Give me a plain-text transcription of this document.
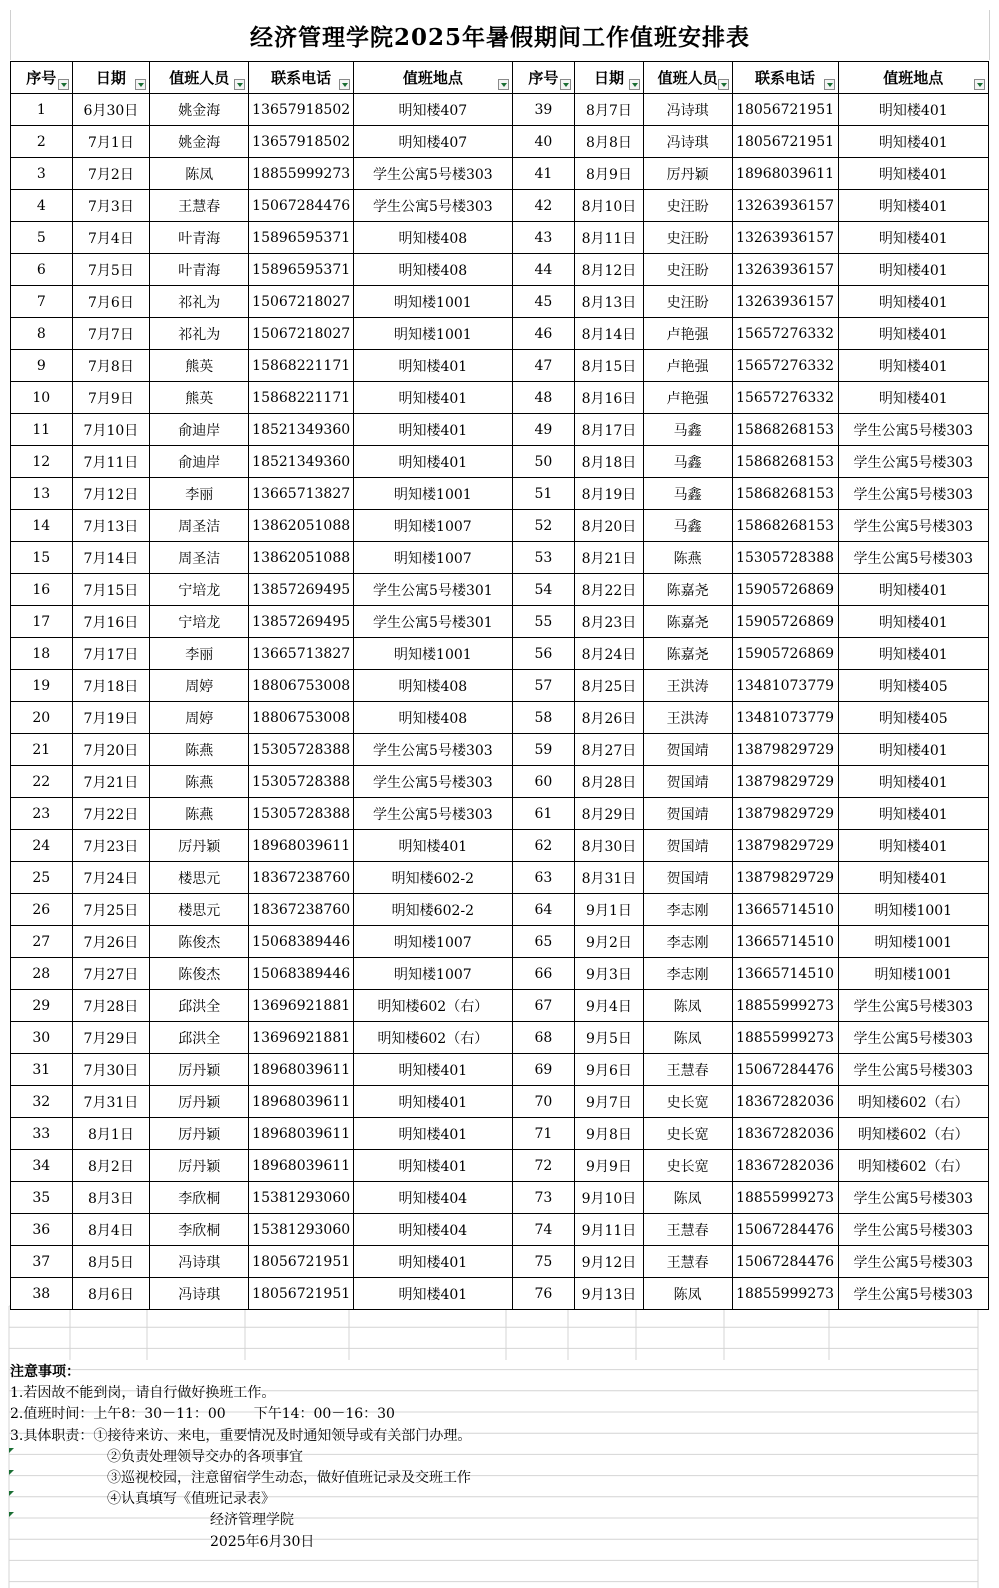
经济管理学院2025年暑假期间工作值班安排表
序号	日期	值班人员	联系电话	值班地点	序号	日期	值班人员	联系电话	值班地点

1	6月30日	姚金海	13657918502	明知楼407	39	8月7日	冯诗琪	18056721951	明知楼401
2	7月1日	姚金海	13657918502	明知楼407	40	8月8日	冯诗琪	18056721951	明知楼401
3	7月2日	陈凤	18855999273	学生公寓5号楼303	41	8月9日	厉丹颖	18968039611	明知楼401
4	7月3日	王慧春	15067284476	学生公寓5号楼303	42	8月10日	史汪盼	13263936157	明知楼401
5	7月4日	叶青海	15896595371	明知楼408	43	8月11日	史汪盼	13263936157	明知楼401
6	7月5日	叶青海	15896595371	明知楼408	44	8月12日	史汪盼	13263936157	明知楼401
7	7月6日	祁礼为	15067218027	明知楼1001	45	8月13日	史汪盼	13263936157	明知楼401
8	7月7日	祁礼为	15067218027	明知楼1001	46	8月14日	卢艳强	15657276332	明知楼401
9	7月8日	熊英	15868221171	明知楼401	47	8月15日	卢艳强	15657276332	明知楼401
10	7月9日	熊英	15868221171	明知楼401	48	8月16日	卢艳强	15657276332	明知楼401
11	7月10日	俞迪岸	18521349360	明知楼401	49	8月17日	马鑫	15868268153	学生公寓5号楼303
12	7月11日	俞迪岸	18521349360	明知楼401	50	8月18日	马鑫	15868268153	学生公寓5号楼303
13	7月12日	李丽	13665713827	明知楼1001	51	8月19日	马鑫	15868268153	学生公寓5号楼303
14	7月13日	周圣洁	13862051088	明知楼1007	52	8月20日	马鑫	15868268153	学生公寓5号楼303
15	7月14日	周圣洁	13862051088	明知楼1007	53	8月21日	陈燕	15305728388	学生公寓5号楼303
16	7月15日	宁培龙	13857269495	学生公寓5号楼301	54	8月22日	陈嘉尧	15905726869	明知楼401
17	7月16日	宁培龙	13857269495	学生公寓5号楼301	55	8月23日	陈嘉尧	15905726869	明知楼401
18	7月17日	李丽	13665713827	明知楼1001	56	8月24日	陈嘉尧	15905726869	明知楼401
19	7月18日	周婷	18806753008	明知楼408	57	8月25日	王洪涛	13481073779	明知楼405
20	7月19日	周婷	18806753008	明知楼408	58	8月26日	王洪涛	13481073779	明知楼405
21	7月20日	陈燕	15305728388	学生公寓5号楼303	59	8月27日	贺国靖	13879829729	明知楼401
22	7月21日	陈燕	15305728388	学生公寓5号楼303	60	8月28日	贺国靖	13879829729	明知楼401
23	7月22日	陈燕	15305728388	学生公寓5号楼303	61	8月29日	贺国靖	13879829729	明知楼401
24	7月23日	厉丹颖	18968039611	明知楼401	62	8月30日	贺国靖	13879829729	明知楼401
25	7月24日	楼思元	18367238760	明知楼602-2	63	8月31日	贺国靖	13879829729	明知楼401
26	7月25日	楼思元	18367238760	明知楼602-2	64	9月1日	李志刚	13665714510	明知楼1001
27	7月26日	陈俊杰	15068389446	明知楼1007	65	9月2日	李志刚	13665714510	明知楼1001
28	7月27日	陈俊杰	15068389446	明知楼1007	66	9月3日	李志刚	13665714510	明知楼1001
29	7月28日	邱洪全	13696921881	明知楼602（右）	67	9月4日	陈凤	18855999273	学生公寓5号楼303
30	7月29日	邱洪全	13696921881	明知楼602（右）	68	9月5日	陈凤	18855999273	学生公寓5号楼303
31	7月30日	厉丹颖	18968039611	明知楼401	69	9月6日	王慧春	15067284476	学生公寓5号楼303
32	7月31日	厉丹颖	18968039611	明知楼401	70	9月7日	史长宽	18367282036	明知楼602（右）
33	8月1日	厉丹颖	18968039611	明知楼401	71	9月8日	史长宽	18367282036	明知楼602（右）
34	8月2日	厉丹颖	18968039611	明知楼401	72	9月9日	史长宽	18367282036	明知楼602（右）
35	8月3日	李欣桐	15381293060	明知楼404	73	9月10日	陈凤	18855999273	学生公寓5号楼303
36	8月4日	李欣桐	15381293060	明知楼404	74	9月11日	王慧春	15067284476	学生公寓5号楼303
37	8月5日	冯诗琪	18056721951	明知楼401	75	9月12日	王慧春	15067284476	学生公寓5号楼303
38	8月6日	冯诗琪	18056721951	明知楼401	76	9月13日	陈凤	18855999273	学生公寓5号楼303
注意事项：
1.若因故不能到岗，请自行做好换班工作。
2.值班时间：上午8：30－11：00　　下午14：00－16：30
3.具体职责：①接待来访、来电，重要情况及时通知领导或有关部门办理。
②负责处理领导交办的各项事宜
③巡视校园，注意留宿学生动态，做好值班记录及交班工作
④认真填写《值班记录表》
经济管理学院
2025年6月30日
